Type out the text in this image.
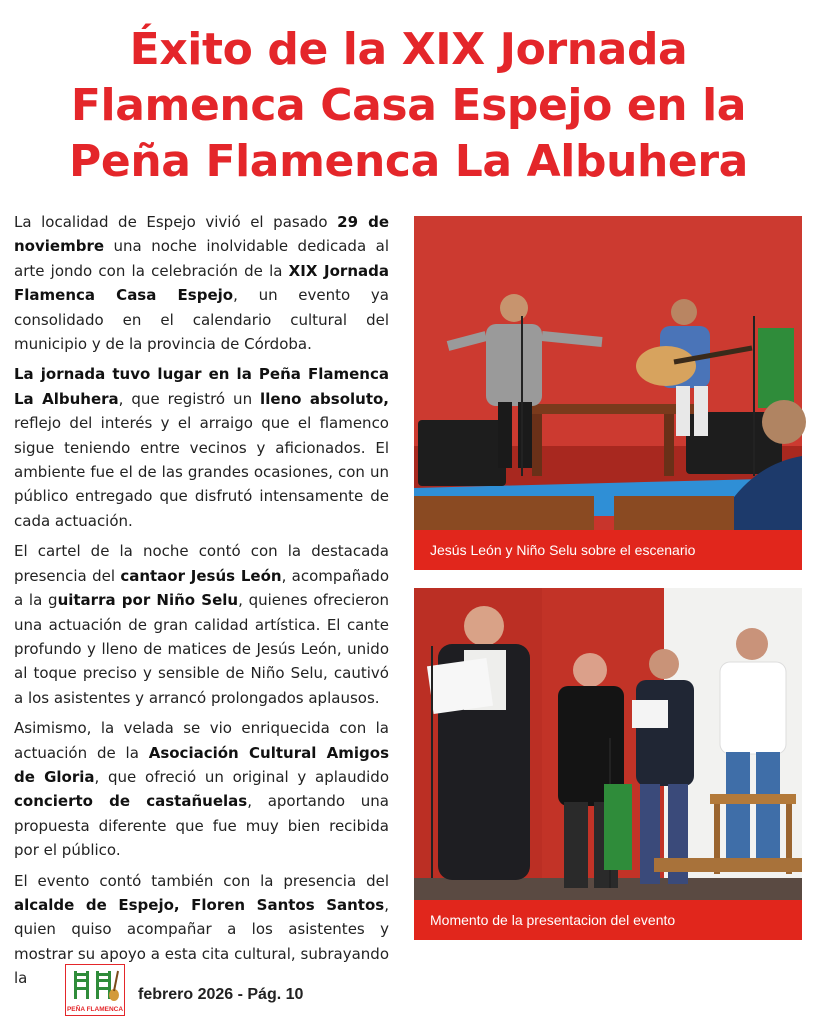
Éxito de la XIX Jornada
Flamenca Casa Espejo en la
Peña Flamenca La Albuhera

La localidad de Espejo vivió el pasado 29 de noviembre una noche inolvidable dedicada al arte jondo con la celebración de la XIX Jornada Flamenca Casa Espejo, un evento ya consolidado en el calendario cultural del municipio y de la provincia de Córdoba.

La jornada tuvo lugar en la Peña Flamenca La Albuhera, que registró un lleno absoluto, reflejo del interés y el arraigo que el flamenco sigue teniendo entre vecinos y aficionados. El ambiente fue el de las grandes ocasiones, con un público entregado que disfrutó intensamente de cada actuación.

El cartel de la noche contó con la destacada presencia del cantaor Jesús León, acompañado a la guitarra por Niño Selu, quienes ofrecieron una actuación de gran calidad artística. El cante profundo y lleno de matices de Jesús León, unido al toque preciso y sensible de Niño Selu, cautivó a los asistentes y arrancó prolongados aplausos.

Asimismo, la velada se vio enriquecida con la actuación de la Asociación Cultural Amigos de Gloria, que ofreció un original y aplaudido concierto de castañuelas, aportando una propuesta diferente que fue muy bien recibida por el público.

El evento contó también con la presencia del alcalde de Espejo, Floren Santos Santos, quien quiso acompañar a los asistentes y mostrar su apoyo a esta cita cultural, subrayando la

Jesús León y Niño Selu sobre el escenario
Momento de la presentacion del evento
PEÑA FLAMENCA
febrero 2026 - Pág. 10
